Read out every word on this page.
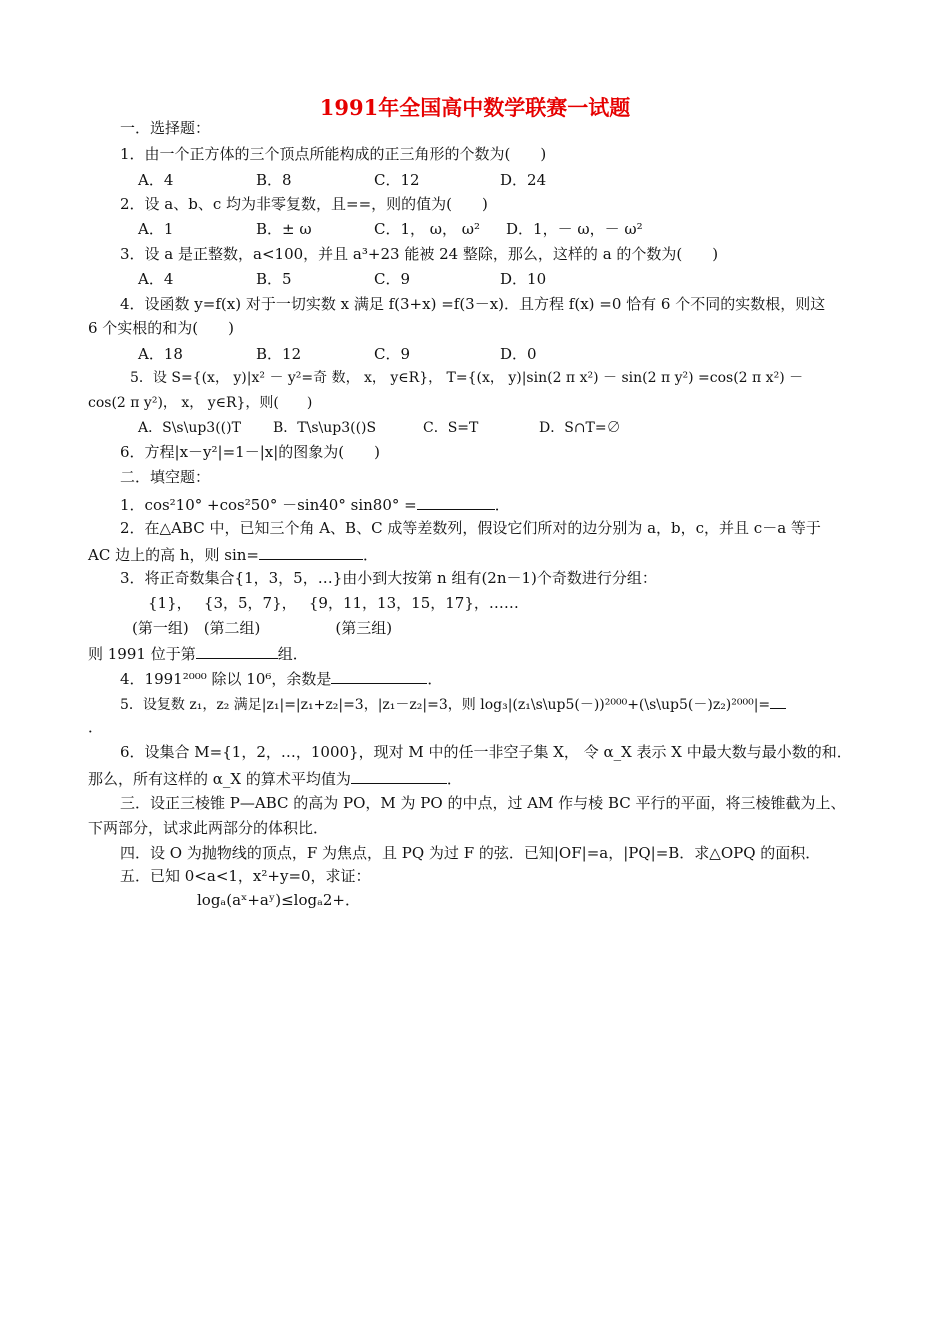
1991年全国高中数学联赛一试题
一．选择题：
1．由一个正方体的三个顶点所能构成的正三角形的个数为(　　)
A．4	B．8	C．12	D．24
2．设 a、b、c 均为非零复数，且==，则的值为(　　)
A．1	B．± ω	C．1， ω， ω² D．1，－ ω，－ ω²
3．设 a 是正整数，a<100，并且 a³+23 能被 24 整除，那么，这样的 a 的个数为(　　)
A．4	B．5	C．9	D．10
4．设函数 y=f(x) 对于一切实数 x 满足 f(3+x) =f(3－x)．且方程 f(x) =0 恰有 6 个不同的实数根，则这
6 个实根的和为(　　)
A．18	B．12	C．9	D．0
5．设 S={(x， y)|x² － y²=奇 数， x， y∈R}， T={(x， y)|sin(2 π x²) － sin(2 π y²) =cos(2 π x²) －
cos(2 π y²)， x， y∈R}，则(　　)
A．S\s\up3(()T B．T\s\up3(()S	C．S=T	D．S∩T=∅
6．方程|x－y²|=1－|x|的图象为(　　)
二．填空题：
1．cos²10° +cos²50° －sin40° sin80° =	．
2．在△ABC 中，已知三个角 A、B、C 成等差数列，假设它们所对的边分别为 a，b，c，并且 c－a 等于
AC 边上的高 h，则 sin=	．
3．将正奇数集合{1，3，5，…}由小到大按第 n 组有(2n－1)个奇数进行分组：
{1}，　 {3，5，7}，　 {9，11，13，15，17}，……
(第一组)　(第二组)　　　　　(第三组)
则 1991 位于第	组．
4．1991²⁰⁰⁰ 除以 10⁶，余数是	．
5．设复数 z₁，z₂ 满足|z₁|=|z₁+z₂|=3，|z₁－z₂|=3，则 log₃|(z₁\s\up5(－))²⁰⁰⁰+(\s\up5(－)z₂)²⁰⁰⁰|=
．
6．设集合 M={1，2，…，1000}，现对 M 中的任一非空子集 X， 令 α_X 表示 X 中最大数与最小数的和．
那么，所有这样的 α_X 的算术平均值为	．
三．设正三棱锥 P—ABC 的高为 PO，M 为 PO 的中点，过 AM 作与棱 BC 平行的平面，将三棱锥截为上、
下两部分，试求此两部分的体积比．
四．设 O 为抛物线的顶点，F 为焦点，且 PQ 为过 F 的弦．已知|OF|=a，|PQ|=B．求△OPQ 的面积．
五．已知 0<a<1，x²+y=0，求证：
logₐ(aˣ+aʸ)≤logₐ2+．
